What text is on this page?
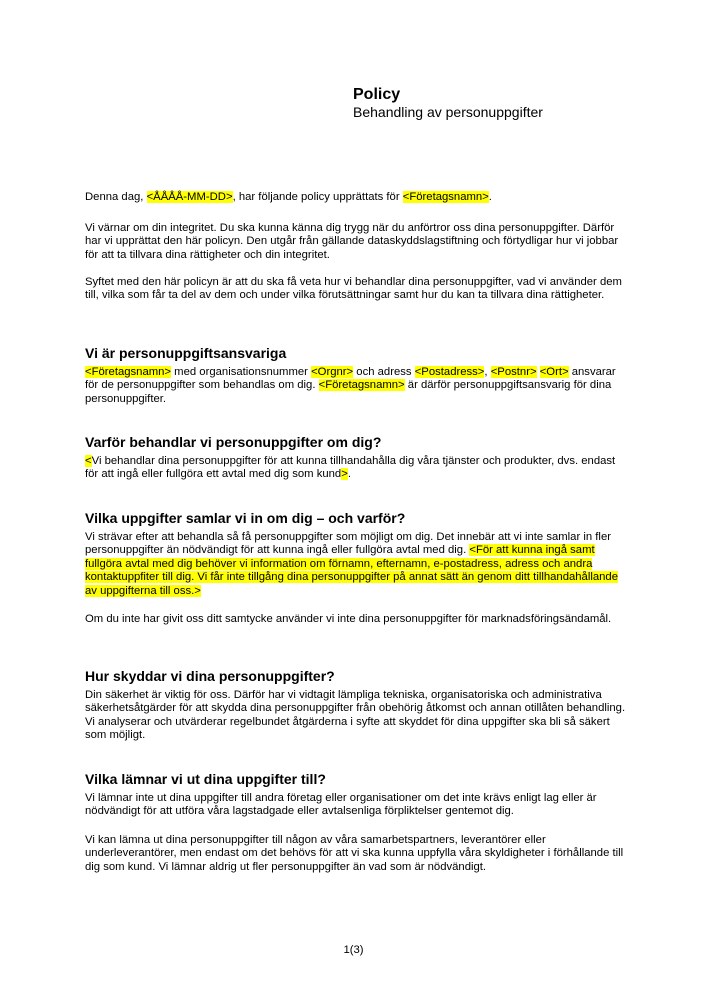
Policy
Behandling av personuppgifter

Denna dag, <ÅÅÅÅ-MM-DD>, har följande policy upprättats för <Företagsnamn>.

Vi värnar om din integritet. Du ska kunna känna dig trygg när du anförtror oss dina personuppgifter. Därför har vi upprättat den här policyn. Den utgår från gällande dataskyddslagstiftning och förtydligar hur vi jobbar för att ta tillvara dina rättigheter och din integritet.

Syftet med den här policyn är att du ska få veta hur vi behandlar dina personuppgifter, vad vi använder dem till, vilka som får ta del av dem och under vilka förutsättningar samt hur du kan ta tillvara dina rättigheter.

Vi är personuppgiftsansvariga

<Företagsnamn> med organisationsnummer <Orgnr> och adress <Postadress>, <Postnr> <Ort> ansvarar för de personuppgifter som behandlas om dig. <Företagsnamn> är därför personuppgiftsansvarig för dina personuppgifter.

Varför behandlar vi personuppgifter om dig?

<Vi behandlar dina personuppgifter för att kunna tillhandahålla dig våra tjänster och produkter, dvs. endast för att ingå eller fullgöra ett avtal med dig som kund>.

Vilka uppgifter samlar vi in om dig – och varför?

Vi strävar efter att behandla så få personuppgifter som möjligt om dig. Det innebär att vi inte samlar in fler personuppgifter än nödvändigt för att kunna ingå eller fullgöra avtal med dig. <För att kunna ingå samt fullgöra avtal med dig behöver vi information om förnamn, efternamn, e-postadress, adress och andra kontaktuppfiter till dig. Vi får inte tillgång dina personuppgifter på annat sätt än genom ditt tillhandahållande av uppgifterna till oss.>

Om du inte har givit oss ditt samtycke använder vi inte dina personuppgifter för marknadsföringsändamål.

Hur skyddar vi dina personuppgifter?

Din säkerhet är viktig för oss. Därför har vi vidtagit lämpliga tekniska, organisatoriska och administrativa säkerhetsåtgärder för att skydda dina personuppgifter från obehörig åtkomst och annan otillåten behandling. Vi analyserar och utvärderar regelbundet åtgärderna i syfte att skyddet för dina uppgifter ska bli så säkert som möjligt.

Vilka lämnar vi ut dina uppgifter till?

Vi lämnar inte ut dina uppgifter till andra företag eller organisationer om det inte krävs enligt lag eller är nödvändigt för att utföra våra lagstadgade eller avtalsenliga förpliktelser gentemot dig.

Vi kan lämna ut dina personuppgifter till någon av våra samarbetspartners, leverantörer eller underleverantörer, men endast om det behövs för att vi ska kunna uppfylla våra skyldigheter i förhållande till dig som kund. Vi lämnar aldrig ut fler personuppgifter än vad som är nödvändigt.

1(3)
